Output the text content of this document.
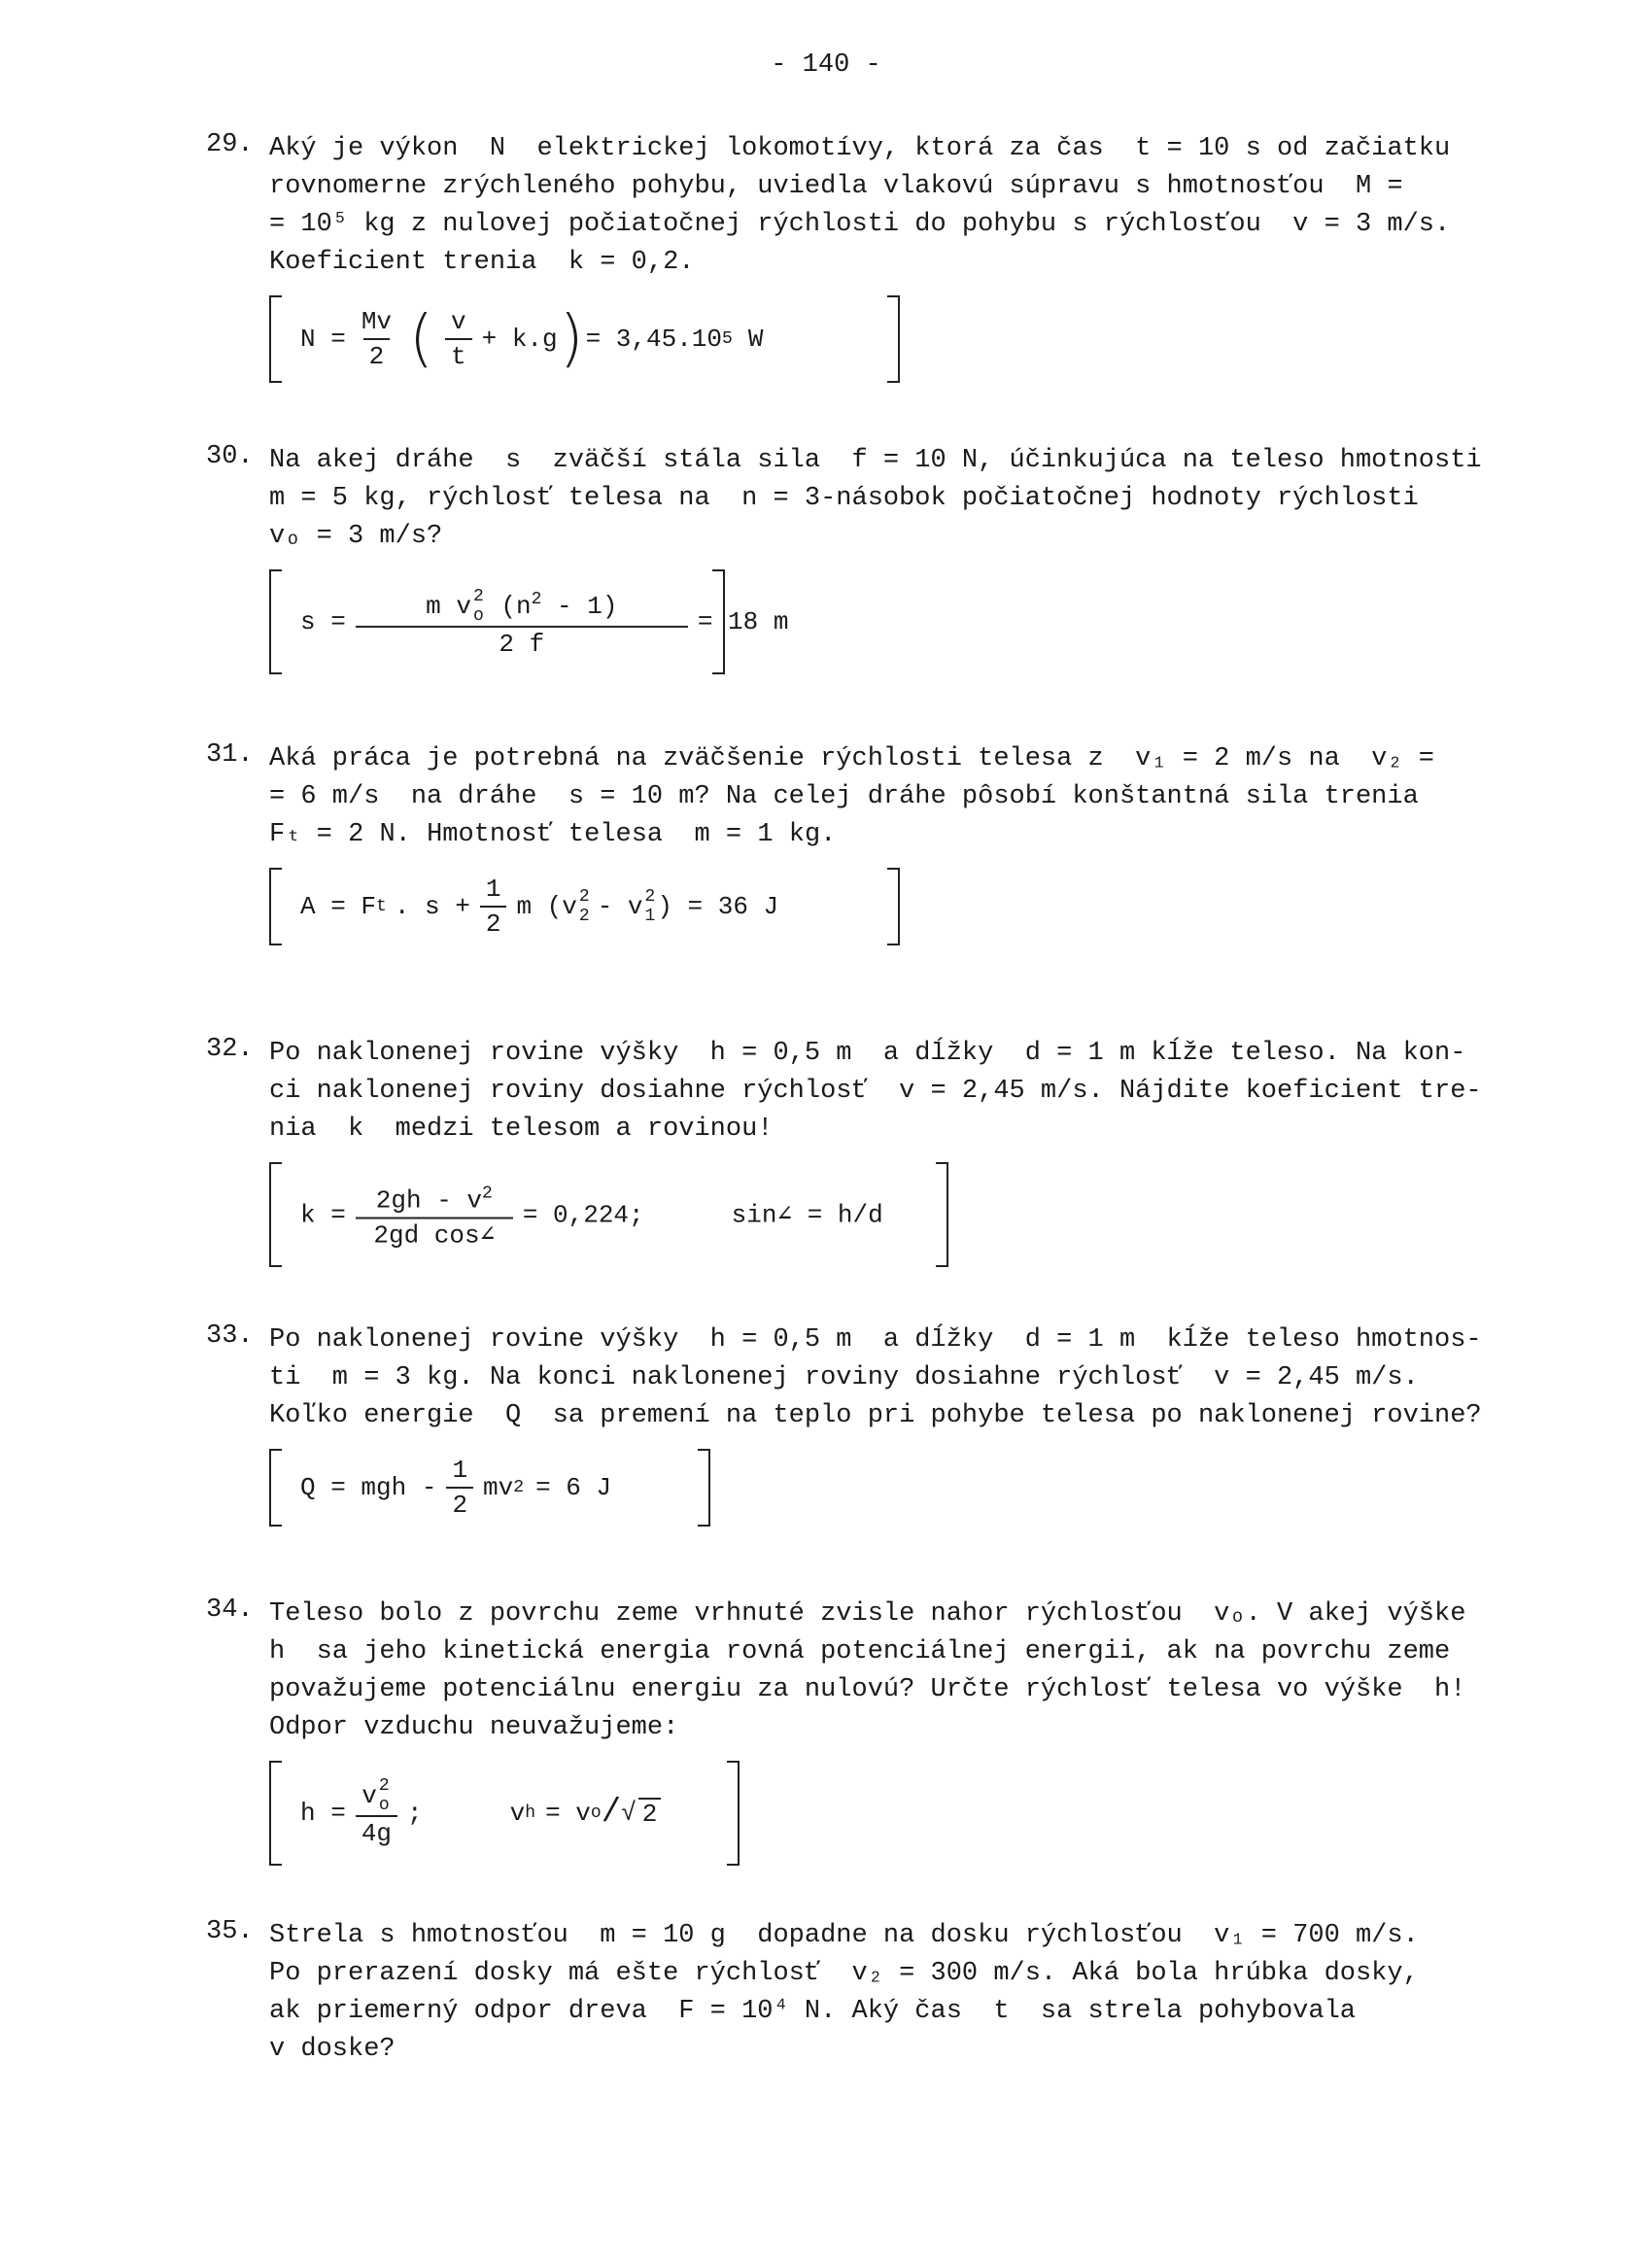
- 140 -
29. Aký je výkon  N  elektrickej lokomotívy, ktorá za čas  t = 10 s od začiatku
rovnomerne zrýchleného pohybu, uviedla vlakovú súpravu s hmotnosťou  M =
= 10⁵ kg z nulovej počiatočnej rýchlosti do pohybu s rýchlosťou  v = 3 m/s.
Koeficient trenia  k = 0,2.
$N = \frac{Mv}{2}$ ( $\frac{v}{t} + k.g$ ) = 3,45.10 5 W
30. Na akej dráhe  s  zväčší stála sila  f = 10 N, účinkujúca na teleso hmotnosti
m = 5 kg, rýchlosť telesa na  n = 3-násobok počiatočnej hodnoty rýchlosti
vₒ = 3 m/s?
s = m v 2
o $(n^2 - 1)$
2 f = 18 m
31. Aká práca je potrebná na zväčšenie rýchlosti telesa z  v₁ = 2 m/s na  v₂ =
= 6 m/s  na dráhe  s = 10 m? Na celej dráhe pôsobí konštantná sila trenia
Fₜ = 2 N. Hmotnosť telesa  m = 1 kg.
A = F t . $s + \frac{1}{2}$ m (v 2
2 - v 2
1 ) = 36 J
32. Po naklonenej rovine výšky  h = 0,5 m  a dĺžky  d = 1 m kĺže teleso. Na kon-
ci naklonenej roviny dosiahne rýchlosť  v = 2,45 m/s. Nájdite koeficient tre-
nia  k  medzi telesom a rovinou!
$k = \frac{2gh - v^2}{\text{2gd cos∠}} = 0,224$;	sin∠ = h/d
33. Po naklonenej rovine výšky  h = 0,5 m  a dĺžky  d = 1 m  kĺže teleso hmotnos-
ti  m = 3 kg. Na konci naklonenej roviny dosiahne rýchlosť  v = 2,45 m/s.
Koľko energie  Q  sa premení na teplo pri pohybe telesa po naklonenej rovine?
Q = mgh - $\frac{1}{2}$ mv 2 = 6 J
34. Teleso bolo z povrchu zeme vrhnuté zvisle nahor rýchlosťou  vₒ. V akej výške
h  sa jeho kinetická energia rovná potenciálnej energii, ak na povrchu zeme
považujeme potenciálnu energiu za nulovú? Určte rýchlosť telesa vo výške  h!
Odpor vzduchu neuvažujeme:
h = v 2
o
4g ;	v h = v o / √ 2
35. Strela s hmotnosťou  m = 10 g  dopadne na dosku rýchlosťou  v₁ = 700 m/s.
Po prerazení dosky má ešte rýchlosť  v₂ = 300 m/s. Aká bola hrúbka dosky,
ak priemerný odpor dreva  F = 10⁴ N. Aký čas  t  sa strela pohybovala
v doske?
